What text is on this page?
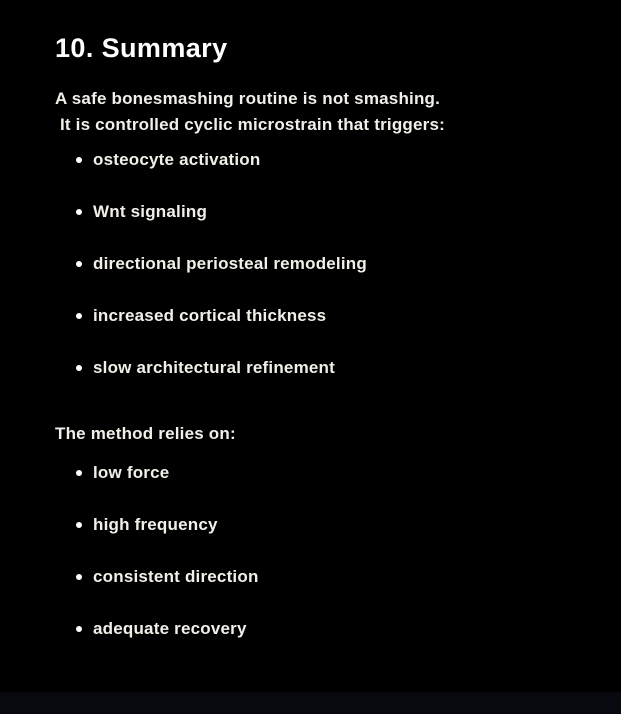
10. Summary
A safe bonesmashing routine is not smashing.
It is controlled cyclic microstrain that triggers:
osteocyte activation
Wnt signaling
directional periosteal remodeling
increased cortical thickness
slow architectural refinement
The method relies on:
low force
high frequency
consistent direction
adequate recovery
